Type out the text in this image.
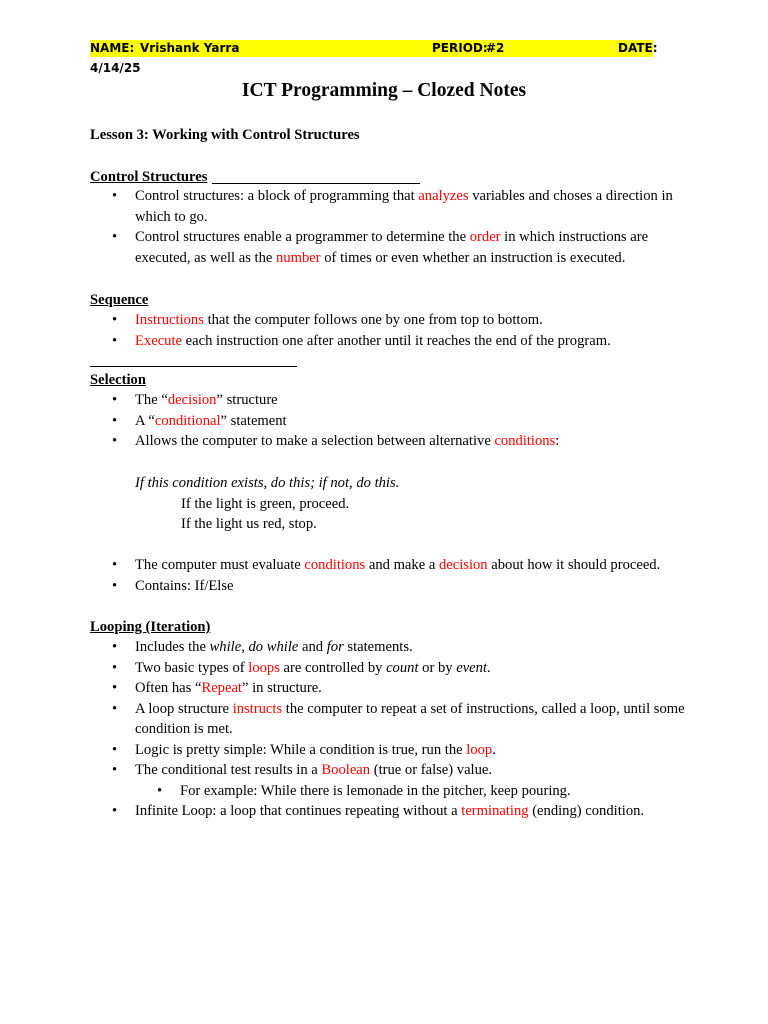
NAME: Vrishank Yarra	PERIOD:
#2	DATE:
4/14/25
ICT Programming – Clozed Notes
Lesson 3: Working with Control Structures
Control Structures
• Control structures: a block of programming that analyzes variables and choses a direction in which to go.
• Control structures enable a programmer to determine the order in which instructions are executed, as well as the number of times or even whether an instruction is executed.
Sequence
• Instructions that the computer follows one by one from top to bottom.
• Execute each instruction one after another until it reaches the end of the program.
Selection
• The “decision” structure
• A “conditional” statement
• Allows the computer to make a selection between alternative conditions:
If this condition exists, do this; if not, do this.
If the light is green, proceed.
If the light us red, stop.
• The computer must evaluate conditions and make a decision about how it should proceed.
• Contains: If/Else
Looping (Iteration)
• Includes the while, do while and for statements.
• Two basic types of loops are controlled by count or by event.
• Often has “Repeat” in structure.
• A loop structure instructs the computer to repeat a set of instructions, called a loop, until some condition is met.
• Logic is pretty simple: While a condition is true, run the loop.
• The conditional test results in a Boolean (true or false) value.
• For example: While there is lemonade in the pitcher, keep pouring.
• Infinite Loop: a loop that continues repeating without a terminating (ending) condition.
